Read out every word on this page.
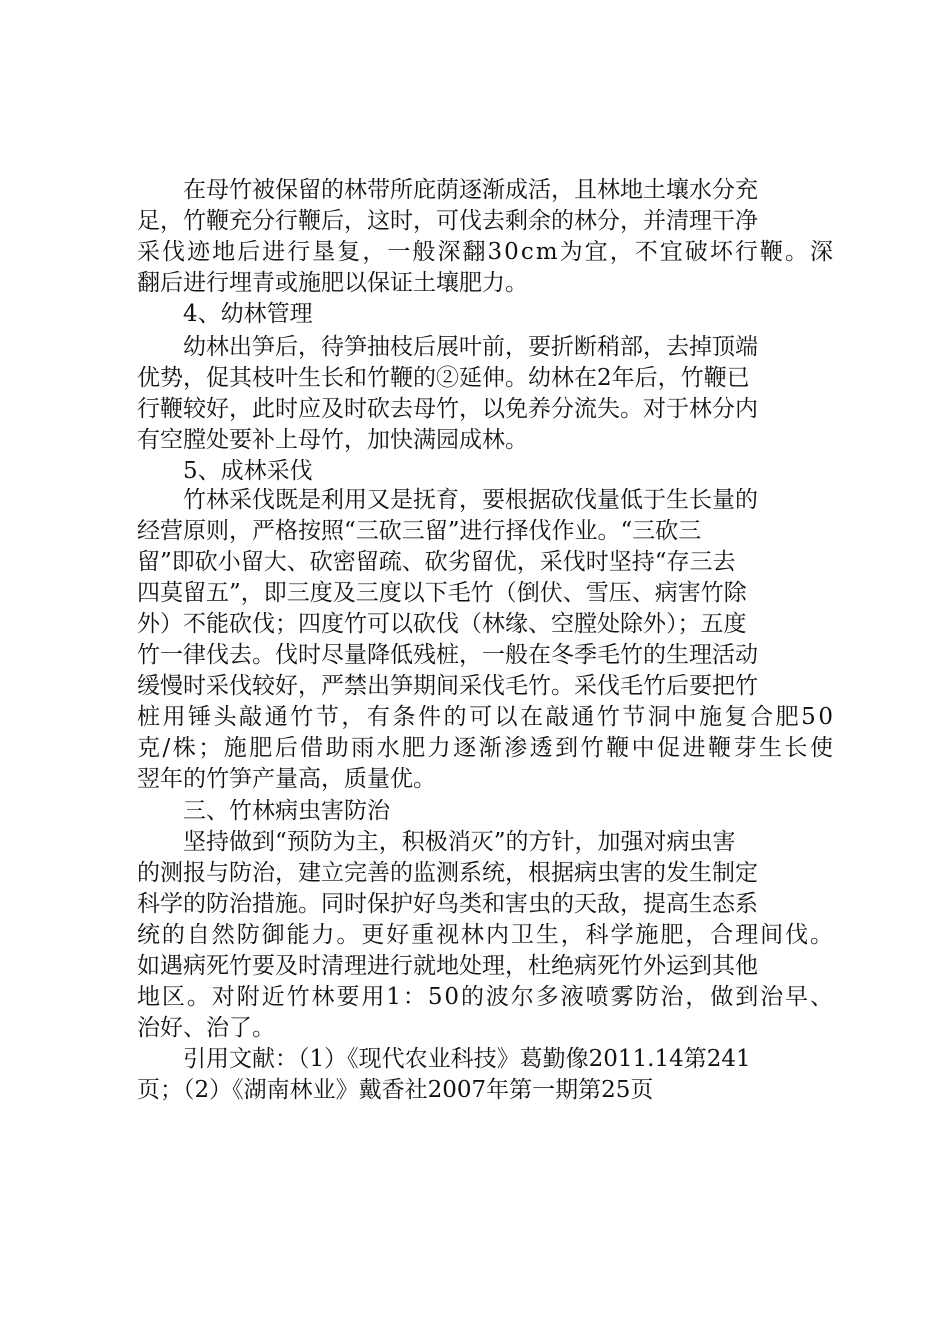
在母竹被保留的林带所庇荫逐渐成活，且林地土壤水分充
足，竹鞭充分行鞭后，这时，可伐去剩余的林分，并清理干净
采伐迹地后进行垦复，一般深翻30cm为宜，不宜破坏行鞭。深
翻后进行埋青或施肥以保证土壤肥力。
4、幼林管理
幼林出笋后，待笋抽枝后展叶前，要折断稍部，去掉顶端
优势，促其枝叶生长和竹鞭的②延伸。幼林在2年后，竹鞭已
行鞭较好，此时应及时砍去母竹，以免养分流失。对于林分内
有空膛处要补上母竹，加快满园成林。
5、成林采伐
竹林采伐既是利用又是抚育，要根据砍伐量低于生长量的
经营原则，严格按照“三砍三留”进行择伐作业。“三砍三
留”即砍小留大、砍密留疏、砍劣留优，采伐时坚持“存三去
四莫留五”，即三度及三度以下毛竹（倒伏、雪压、病害竹除
外）不能砍伐；四度竹可以砍伐（林缘、空膛处除外）；五度
竹一律伐去。伐时尽量降低残桩，一般在冬季毛竹的生理活动
缓慢时采伐较好，严禁出笋期间采伐毛竹。采伐毛竹后要把竹
桩用锤头敲通竹节，有条件的可以在敲通竹节洞中施复合肥50
克/株；施肥后借助雨水肥力逐渐渗透到竹鞭中促进鞭芽生长使
翌年的竹笋产量高，质量优。
三、竹林病虫害防治
坚持做到“预防为主，积极消灭”的方针，加强对病虫害
的测报与防治，建立完善的监测系统，根据病虫害的发生制定
科学的防治措施。同时保护好鸟类和害虫的天敌，提高生态系
统的自然防御能力。更好重视林内卫生，科学施肥，合理间伐。
如遇病死竹要及时清理进行就地处理，杜绝病死竹外运到其他
地区。对附近竹林要用1：50的波尔多液喷雾防治，做到治早、
治好、治了。
引用文献：（1）《现代农业科技》葛勤像2011.14第241
页；（2）《湖南林业》戴香社2007年第一期第25页
